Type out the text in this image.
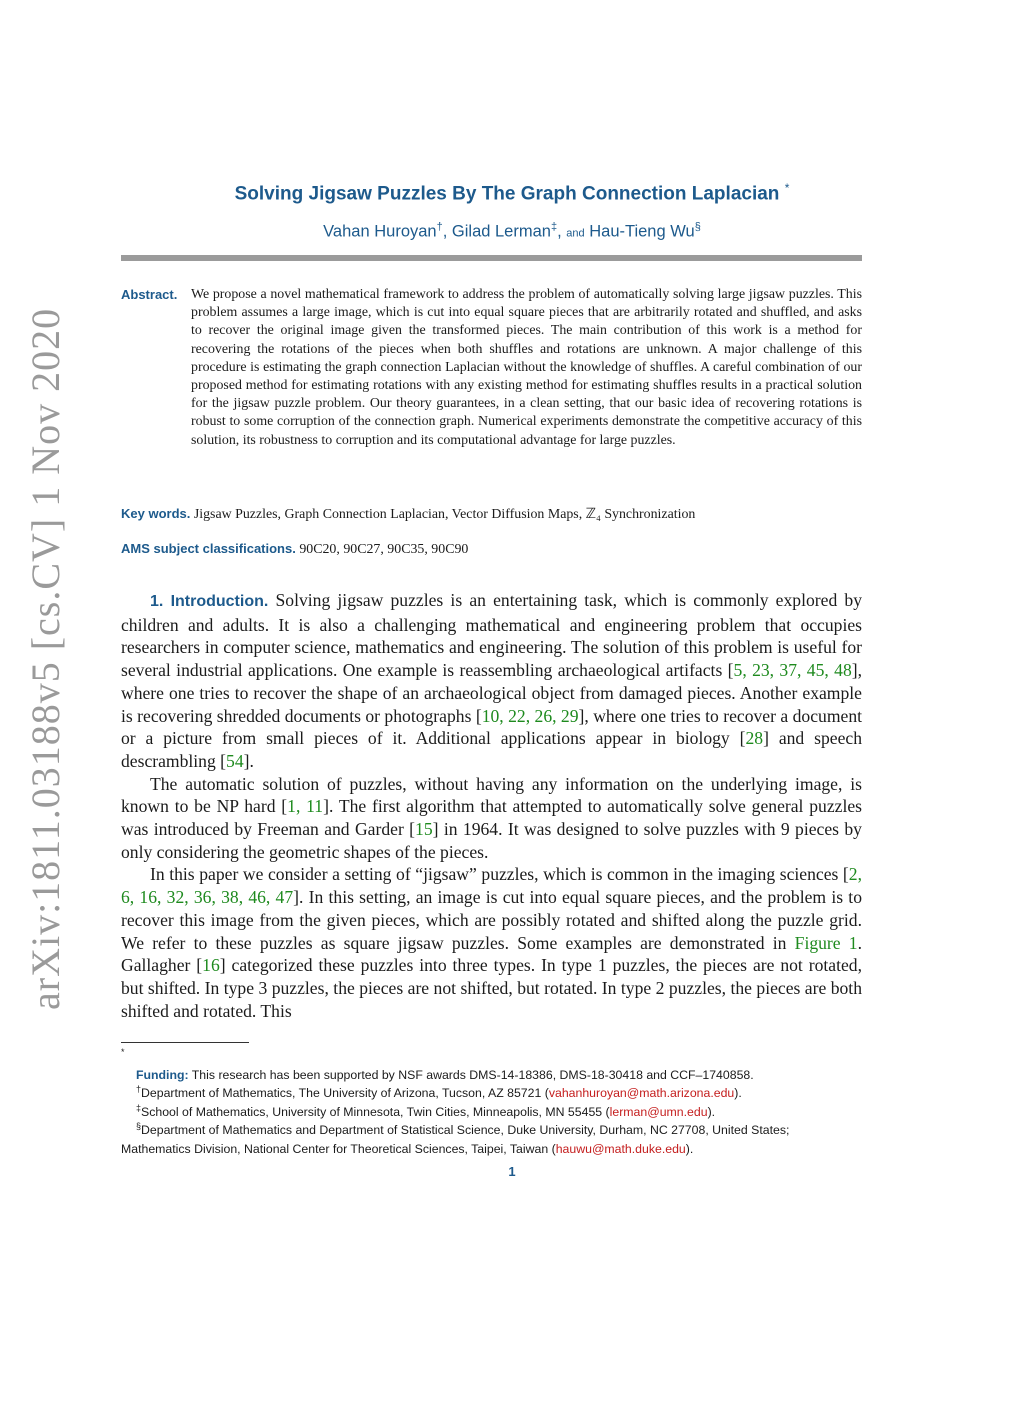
arXiv:1811.03188v5 [cs.CV] 1 Nov 2020
Solving Jigsaw Puzzles By The Graph Connection Laplacian *
Vahan Huroyan†, Gilad Lerman‡, and Hau-Tieng Wu§
Abstract. We propose a novel mathematical framework to address the problem of automatically solving large jigsaw puzzles. This problem assumes a large image, which is cut into equal square pieces that are arbitrarily rotated and shuffled, and asks to recover the original image given the transformed pieces. The main contribution of this work is a method for recovering the rotations of the pieces when both shuffles and rotations are unknown. A major challenge of this procedure is estimating the graph connection Laplacian without the knowledge of shuffles. A careful combination of our proposed method for estimating rotations with any existing method for estimating shuffles results in a practical solution for the jigsaw puzzle problem. Our theory guarantees, in a clean setting, that our basic idea of recovering rotations is robust to some corruption of the connection graph. Numerical experiments demonstrate the competitive accuracy of this solution, its robustness to corruption and its computational advantage for large puzzles.
Key words. Jigsaw Puzzles, Graph Connection Laplacian, Vector Diffusion Maps, ℤ₄ Synchronization
AMS subject classifications. 90C20, 90C27, 90C35, 90C90

1. Introduction. Solving jigsaw puzzles is an entertaining task, which is commonly explored by children and adults. It is also a challenging mathematical and engineering problem that occupies researchers in computer science, mathematics and engineering. The solution of this problem is useful for several industrial applications. One example is reassembling archaeological artifacts [5, 23, 37, 45, 48], where one tries to recover the shape of an archaeological object from damaged pieces. Another example is recovering shredded documents or photographs [10, 22, 26, 29], where one tries to recover a document or a picture from small pieces of it. Additional applications appear in biology [28] and speech descrambling [54].

The automatic solution of puzzles, without having any information on the underlying image, is known to be NP hard [1, 11]. The first algorithm that attempted to automatically solve general puzzles was introduced by Freeman and Garder [15] in 1964. It was designed to solve puzzles with 9 pieces by only considering the geometric shapes of the pieces.

In this paper we consider a setting of “jigsaw” puzzles, which is common in the imaging sciences [2, 6, 16, 32, 36, 38, 46, 47]. In this setting, an image is cut into equal square pieces, and the problem is to recover this image from the given pieces, which are possibly rotated and shifted along the puzzle grid. We refer to these puzzles as square jigsaw puzzles. Some examples are demonstrated in Figure 1. Gallagher [16] categorized these puzzles into three types. In type 1 puzzles, the pieces are not rotated, but shifted. In type 3 puzzles, the pieces are not shifted, but rotated. In type 2 puzzles, the pieces are both shifted and rotated. This

*
Funding: This research has been supported by NSF awards DMS-14-18386, DMS-18-30418 and CCF–1740858.
†Department of Mathematics, The University of Arizona, Tucson, AZ 85721 (vahanhuroyan@math.arizona.edu).
‡School of Mathematics, University of Minnesota, Twin Cities, Minneapolis, MN 55455 (lerman@umn.edu).
§Department of Mathematics and Department of Statistical Science, Duke University, Durham, NC 27708, United States; Mathematics Division, National Center for Theoretical Sciences, Taipei, Taiwan (hauwu@math.duke.edu).
1
